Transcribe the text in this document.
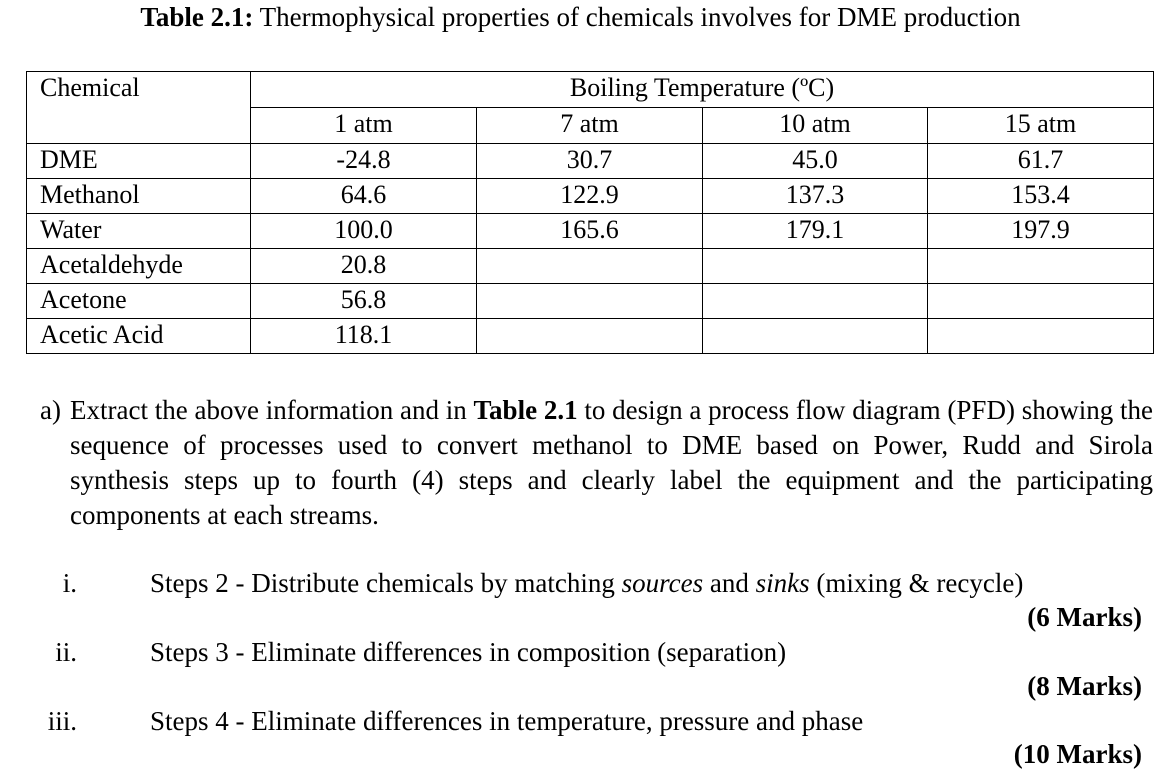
Table 2.1: Thermophysical properties of chemicals involves for DME production
Chemical	Boiling Temperature (ºC)			
	1 atm	7 atm	10 atm	15 atm
DME	-24.8	30.7	45.0	61.7
Methanol	64.6	122.9	137.3	153.4
Water	100.0	165.6	179.1	197.9
Acetaldehyde	20.8			
Acetone	56.8			
Acetic Acid	118.1			
a) Extract the above information and in Table 2.1 to design a process flow diagram (PFD) showing the sequence of processes used to convert methanol to DME based on Power, Rudd and Sirola synthesis steps up to fourth (4) steps and clearly label the equipment and the participating components at each streams.
i.	Steps 2 - Distribute chemicals by matching sources and sinks (mixing & recycle)
(6 Marks)
ii.	Steps 3 - Eliminate differences in composition (separation)
(8 Marks)
iii.	Steps 4 - Eliminate differences in temperature, pressure and phase
(10 Marks)
